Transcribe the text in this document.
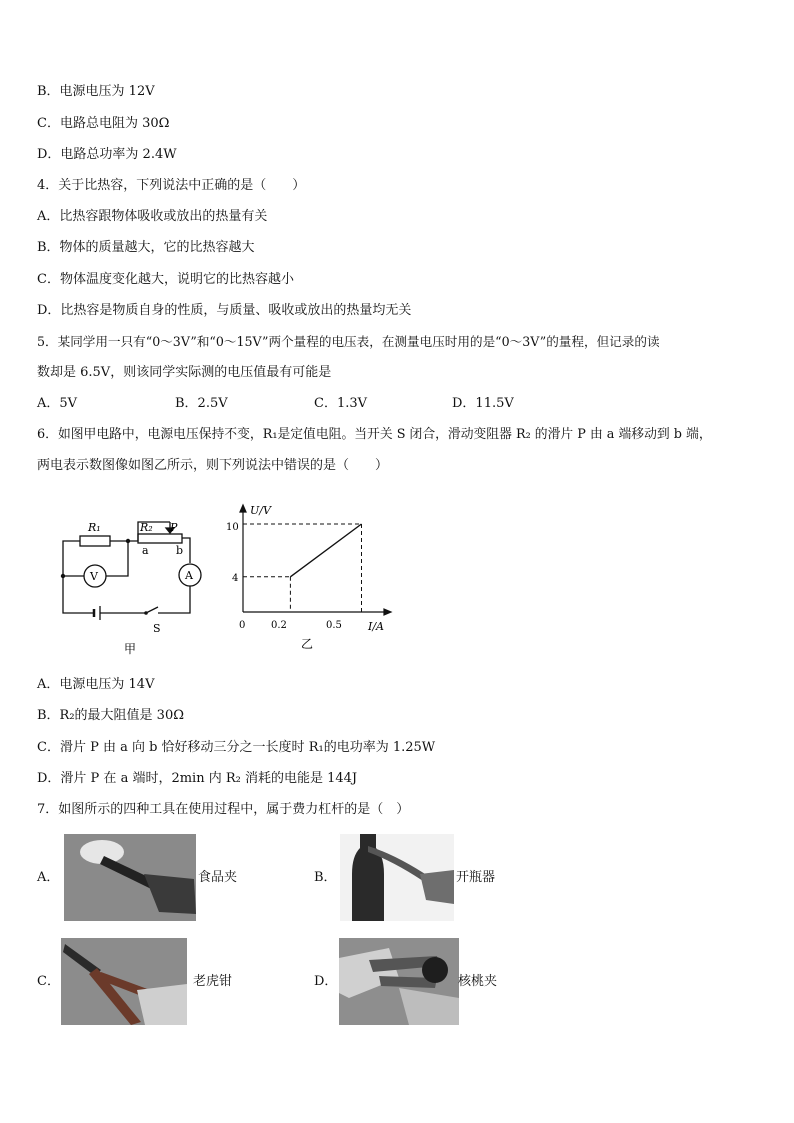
B．电源电压为 12V
C．电路总电阻为 30Ω
D．电路总功率为 2.4W
4．关于比热容，下列说法中正确的是（　　）
A．比热容跟物体吸收或放出的热量有关
B．物体的质量越大，它的比热容越大
C．物体温度变化越大，说明它的比热容越小
D．比热容是物质自身的性质，与质量、吸收或放出的热量均无关
5．某同学用一只有“0～3V”和“0～15V”两个量程的电压表，在测量电压时用的是“0～3V”的量程，但记录的读
数却是 6.5V，则该同学实际测的电压值最有可能是
A．5V	B．2.5V	C．1.3V	D．11.5V
6．如图甲电路中，电源电压保持不变，R₁是定值电阻。当开关 S 闭合，滑动变阻器 R₂ 的滑片 P 由 a 端移动到 b 端，
两电表示数图像如图乙所示，则下列说法中错误的是（　　）
R₁	R₂ P
a b
V	A
S
甲
U/V
I/A
0
10
4
0.2	0.5
乙
A．电源电压为 14V
B．R₂的最大阻值是 30Ω
C．滑片 P 由 a 向 b 恰好移动三分之一长度时 R₁的电功率为 1.25W
D．滑片 P 在 a 端时，2min 内 R₂ 消耗的电能是 144J
7．如图所示的四种工具在使用过程中，属于费力杠杆的是（　）
A．	食品夹	B．	开瓶器
C．	老虎钳	D．	核桃夹
